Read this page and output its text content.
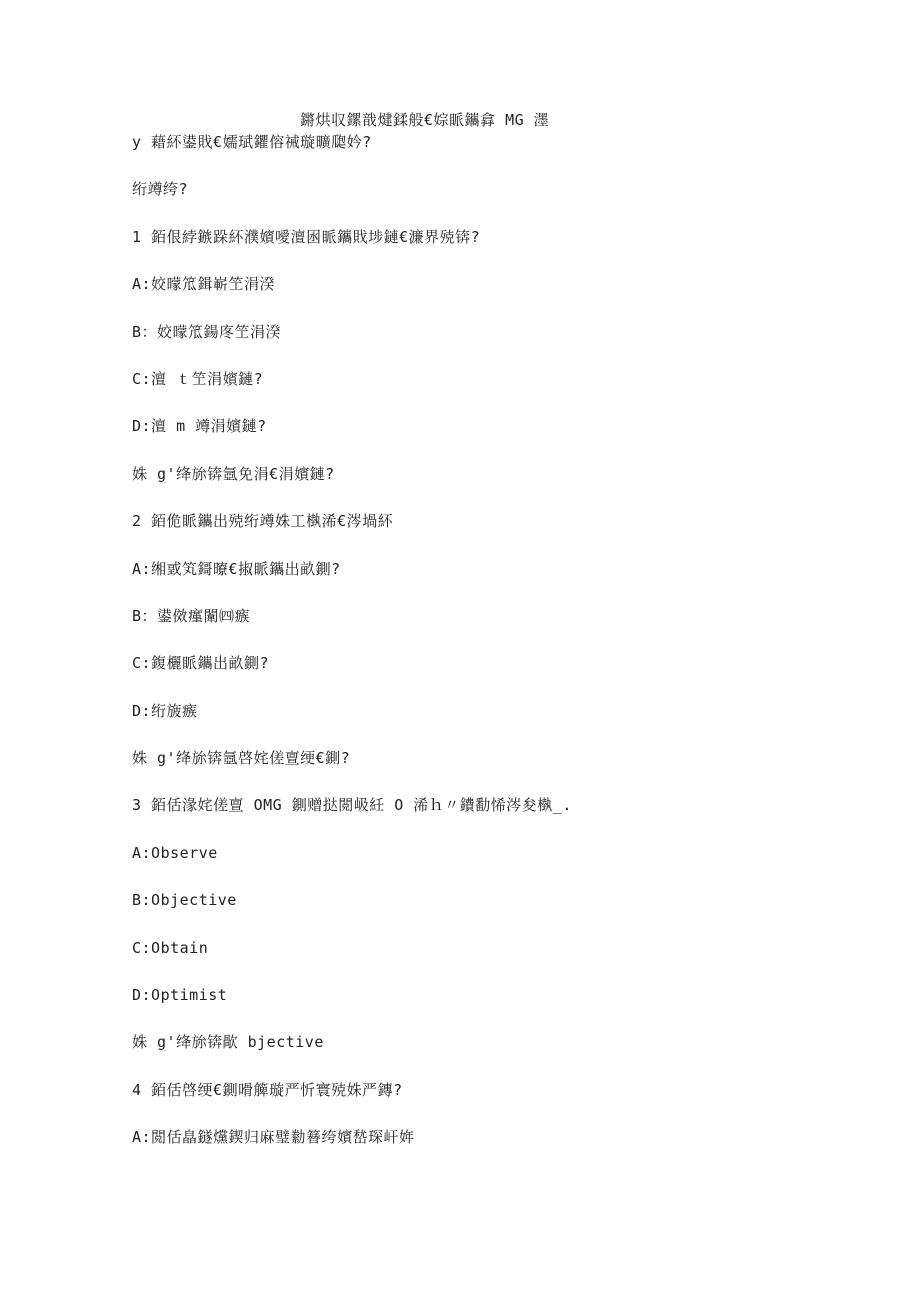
鏘烘収鏍戠煡鍒般€婃眽鑴搻 MG 濹
y 藉紑鍙戝€嬬珷鑺傛祴璇曠瓟妗?
绗竴绔?
1 銆佷綍鏃跺紑濮嬪噯澶囦眽鑴戝埗鏈€濂界殑锛?
A:姣曚笟鍓嶄笁涓湀
B：姣曚笟鍚庝笁涓湀
C:澶 ｔ笁涓嬪鏈?
D:澶 m 竴涓嬪鏈?
姝 g'绛旀锛氬免涓€涓嬪鏈?
2 銆佹眽鑴出殑绗竴姝工槸浠€涔堝紑
A:缃戜笂鎶曢€掓眽鑴出畝鍘?
B：鍙傚瘽闈㈣瘯
C:鍑欐眽鑴出畝鍘?
D:绗旇瘯
姝 g'绛旀锛氬啓姹傞亶绠€鍘?
3 銆佸湪姹傞亶 OMG 鍘赠挞閲岋紝 O 浠ｈ〃鐨勫悕涔夋槸_.
A:Observe
B:Objective
C:Obtain
D:Optimist
姝 g'绛旀锛歄 bjective
4 銆佸啓绠€鍘嗗簲璇严忻寰殑姝严鏄?
A:閲佸皛鐩爣鍥归麻璧勬簮绔嬪嵆琛屽姩
